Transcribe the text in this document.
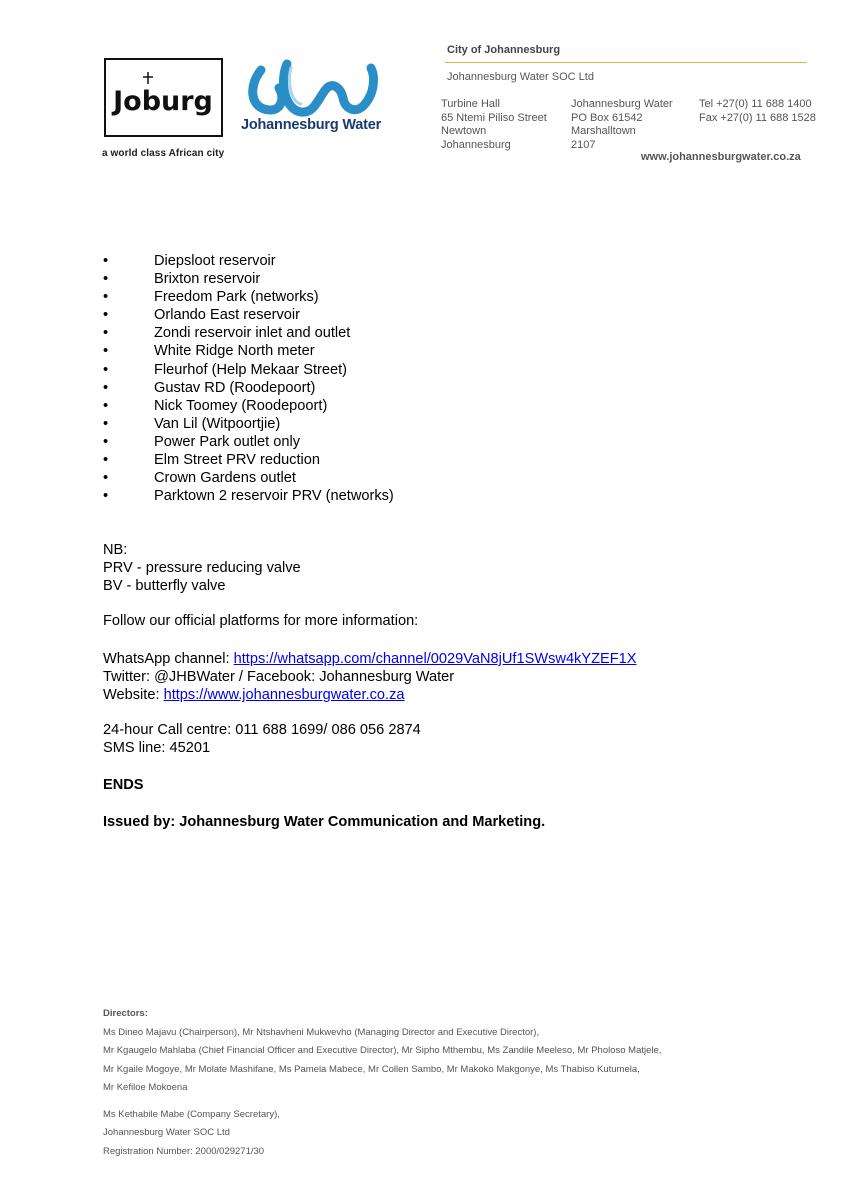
Joburg
a world class African city
Johannesburg Water
City of Johannesburg
Johannesburg Water SOC Ltd
Turbine Hall
65 Ntemi Piliso Street
Newtown
Johannesburg
Johannesburg Water
PO Box 61542
Marshalltown
2107
Tel +27(0) 11 688 1400
Fax +27(0) 11 688 1528
www.johannesburgwater.co.za
•	Diepsloot reservoir
•	Brixton reservoir
•	Freedom Park (networks)
•	Orlando East reservoir
•	Zondi reservoir inlet and outlet
•	White Ridge North meter
•	Fleurhof (Help Mekaar Street)
•	Gustav RD (Roodepoort)
•	Nick Toomey (Roodepoort)
•	Van Lil (Witpoortjie)
•	Power Park outlet only
•	Elm Street PRV reduction
•	Crown Gardens outlet
•	Parktown 2 reservoir PRV (networks)
NB:
PRV - pressure reducing valve
BV - butterfly valve
Follow our official platforms for more information:
WhatsApp channel: https://whatsapp.com/channel/0029VaN8jUf1SWsw4kYZEF1X
Twitter: @JHBWater / Facebook: Johannesburg Water
Website: https://www.johannesburgwater.co.za
24-hour Call centre: 011 688 1699/ 086 056 2874
SMS line: 45201
ENDS
Issued by: Johannesburg Water Communication and Marketing.
Directors:
Ms Dineo Majavu (Chairperson), Mr Ntshavheni Mukwevho (Managing Director and Executive Director),
Mr Kgaugelo Mahlaba (Chief Financial Officer and Executive Director), Mr Sipho Mthembu, Ms Zandile Meeleso, Mr Pholoso Matjele,
Mr Kgaile Mogoye, Mr Molate Mashifane, Ms Pamela Mabece, Mr Collen Sambo, Mr Makoko Makgonye, Ms Thabiso Kutumela,
Mr Kefiloe Mokoena
Ms Kethabile Mabe (Company Secretary),
Johannesburg Water SOC Ltd
Registration Number: 2000/029271/30
